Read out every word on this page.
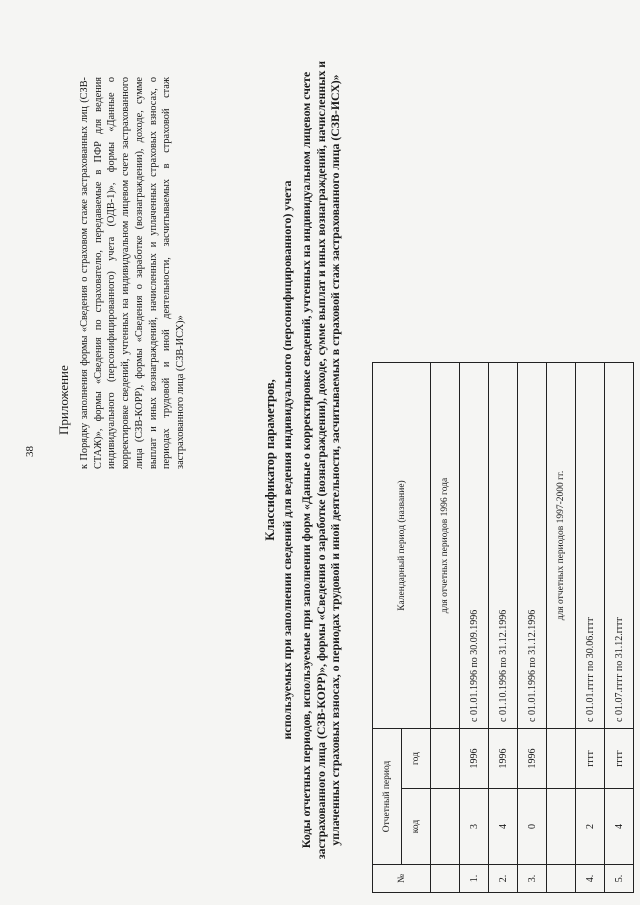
38
Приложение к Порядку заполнения формы «Сведения о страховом стаже застрахованных лиц (СЗВ-СТАЖ)», формы «Сведения по страхователю, передаваемые в ПФР для ведения индивидуального (персонифицированного) учета (ОДВ-1)», формы «Данные о корректировке сведений, учтенных на индивидуальном лицевом счете застрахованного лица (СЗВ-КОРР), формы «Сведения о заработке (вознаграждении), доходе, сумме выплат и иных вознаграждений, начисленных и уплаченных страховых взносах, о периодах трудовой и иной деятельности, засчитываемых в страховой стаж застрахованного лица (СЗВ-ИСХ)»	Классификатор параметров, используемых при заполнении сведений для ведения индивидуального (персонифицированного) учета Коды отчетных периодов, используемые при заполнении форм «Данные о корректировке сведений, учтенных на индивидуальном лицевом счете застрахованного лица (СЗВ-КОРР)», формы «Сведения о заработке (вознаграждении), доходе, сумме выплат и иных вознаграждений, начисленных и уплаченных страховых взносах, о периодах трудовой и иной деятельности, засчитываемых в страховой стаж застрахованного лица (СЗВ-ИСХ)»

№	Отчетный период		Календарный период (название)
	код	год	
			для отчетных периодов 1996 года
1.	3	1996	с 01.01.1996 по 30.09.1996
2.	4	1996	с 01.10.1996 по 31.12.1996
3.	0	1996	с 01.01.1996 по 31.12.1996
			для отчетных периодов 1997-2000 гг.
4.	2	гггг	с 01.01.гггг по 30.06.гггг
5.	4	гггг	с 01.07.гггг по 31.12.гггг
